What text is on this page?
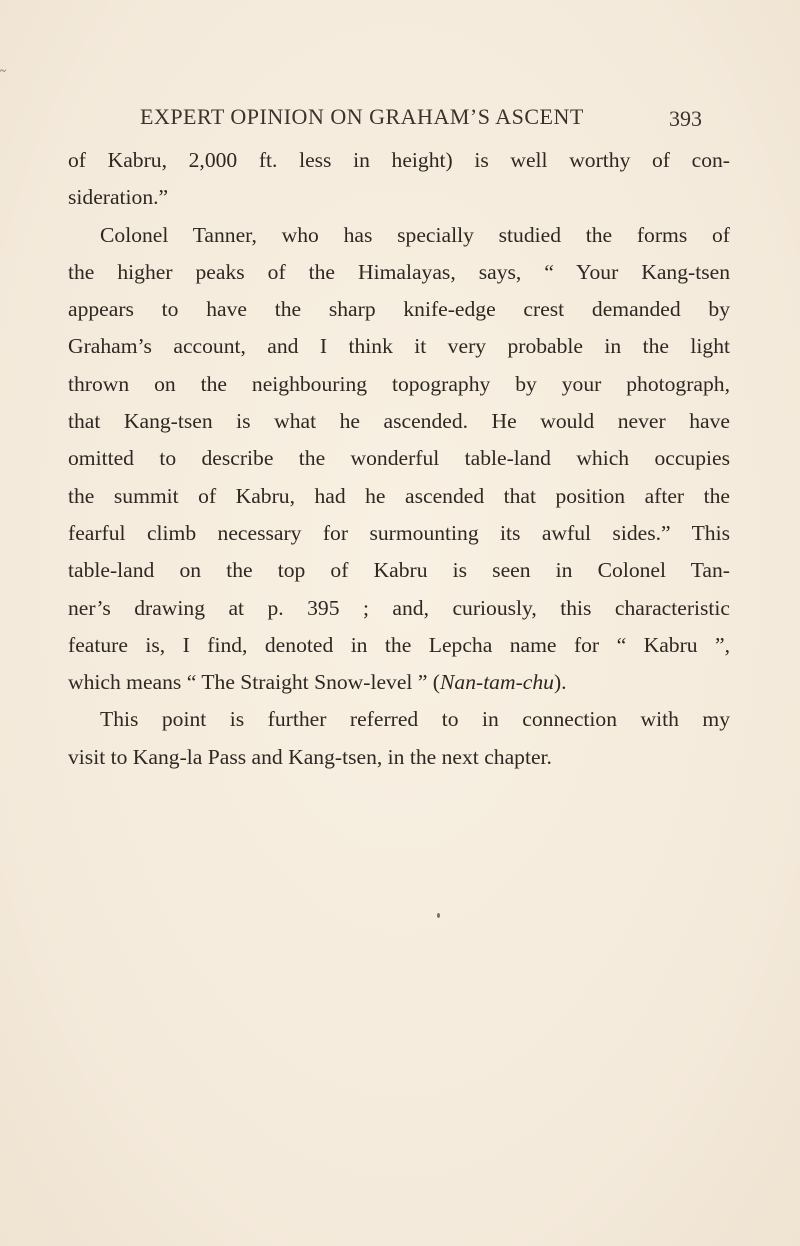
~
EXPERT OPINION ON GRAHAM’S ASCENT	393
of Kabru, 2,000 ft. less in height) is well worthy of con-
sideration.”
Colonel Tanner, who has specially studied the forms of
the higher peaks of the Himalayas, says, “ Your Kang-tsen
appears to have the sharp knife-edge crest demanded by
Graham’s account, and I think it very probable in the light
thrown on the neighbouring topography by your photograph,
that Kang-tsen is what he ascended. He would never have
omitted to describe the wonderful table-land which occupies
the summit of Kabru, had he ascended that position after the
fearful climb necessary for surmounting its awful sides.” This
table-land on the top of Kabru is seen in Colonel Tan-
ner’s drawing at p. 395 ; and, curiously, this characteristic
feature is, I find, denoted in the Lepcha name for “ Kabru ”,
which means “ The Straight Snow-level ” (Nan-tam-chu).
This point is further referred to in connection with my
visit to Kang-la Pass and Kang-tsen, in the next chapter.
